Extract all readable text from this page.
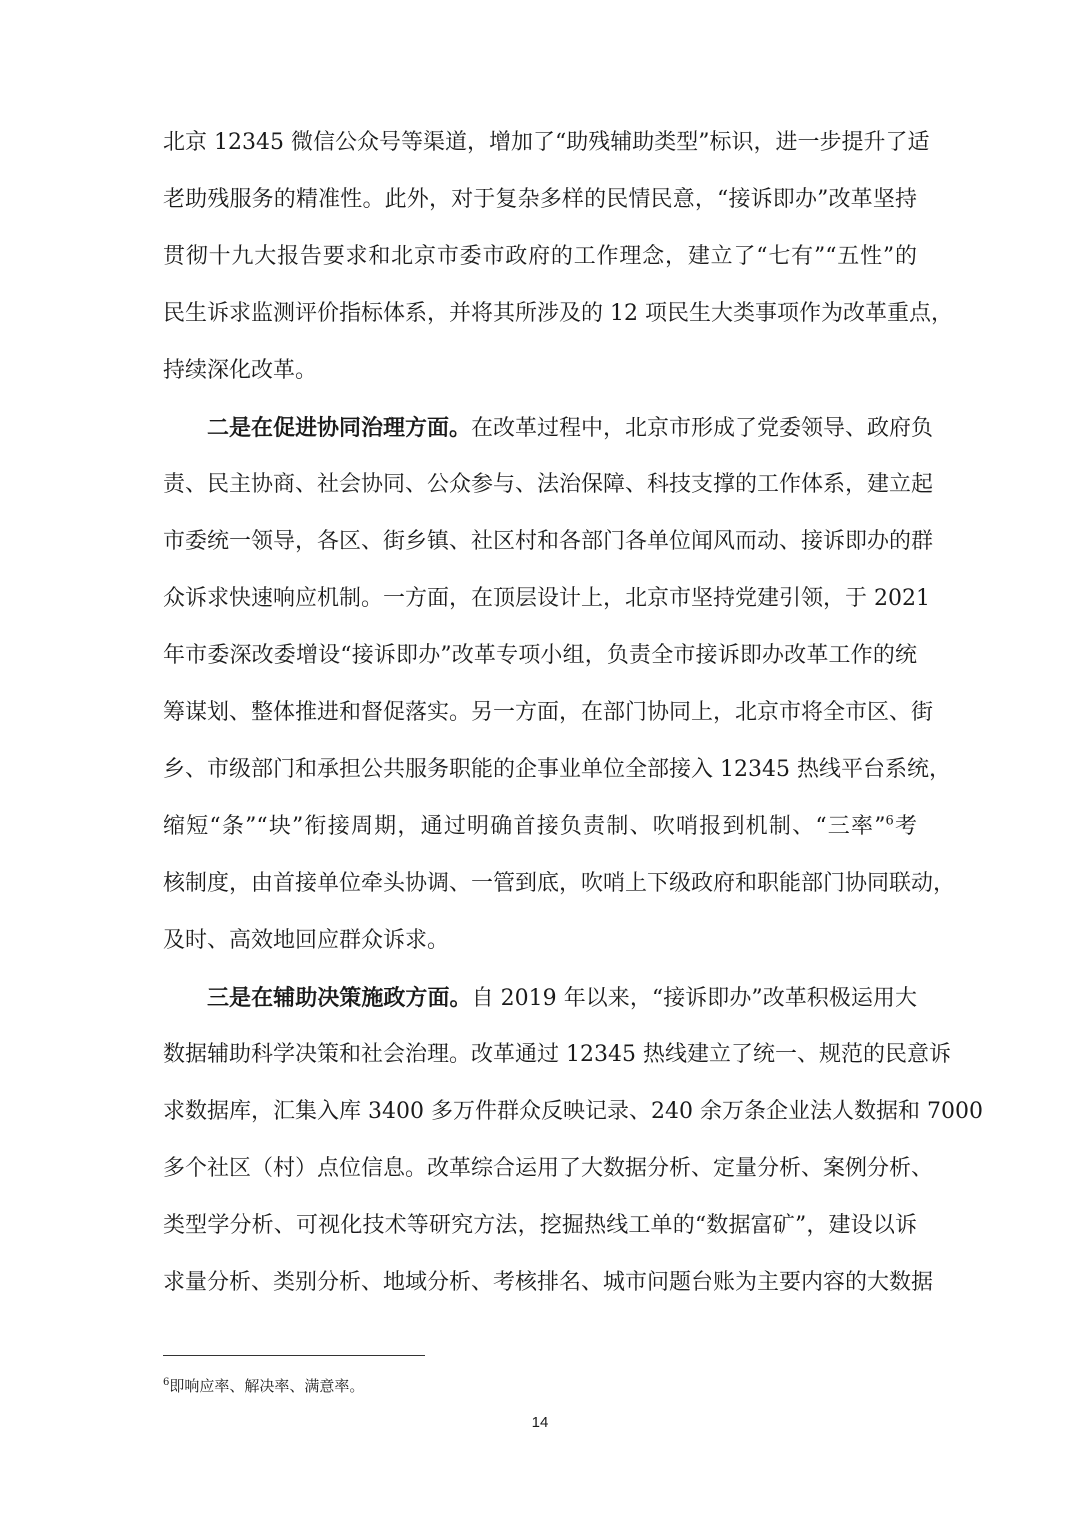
北京 12345 微信公众号等渠道，增加了“助残辅助类型”标识，进一步提升了适
老助残服务的精准性。此外，对于复杂多样的民情民意，“接诉即办”改革坚持
贯彻十九大报告要求和北京市委市政府的工作理念，建立了“七有”“五性”的
民生诉求监测评价指标体系，并将其所涉及的 12 项民生大类事项作为改革重点，
持续深化改革。
二是在促进协同治理方面。在改革过程中，北京市形成了党委领导、政府负
责、民主协商、社会协同、公众参与、法治保障、科技支撑的工作体系，建立起
市委统一领导，各区、街乡镇、社区村和各部门各单位闻风而动、接诉即办的群
众诉求快速响应机制。一方面，在顶层设计上，北京市坚持党建引领，于 2021
年市委深改委增设“接诉即办”改革专项小组，负责全市接诉即办改革工作的统
筹谋划、整体推进和督促落实。另一方面，在部门协同上，北京市将全市区、街
乡、市级部门和承担公共服务职能的企事业单位全部接入 12345 热线平台系统，
缩短“条”“块”衔接周期，通过明确首接负责制、吹哨报到机制、“三率”$^6$考
核制度，由首接单位牵头协调、一管到底，吹哨上下级政府和职能部门协同联动，
及时、高效地回应群众诉求。
三是在辅助决策施政方面。自 2019 年以来，“接诉即办”改革积极运用大
数据辅助科学决策和社会治理。改革通过 12345 热线建立了统一、规范的民意诉
求数据库，汇集入库 3400 多万件群众反映记录、240 余万条企业法人数据和 7000
多个社区（村）点位信息。改革综合运用了大数据分析、定量分析、案例分析、
类型学分析、可视化技术等研究方法，挖掘热线工单的“数据富矿”，建设以诉
求量分析、类别分析、地域分析、考核排名、城市问题台账为主要内容的大数据
$^6$即响应率、解决率、满意率。
14
